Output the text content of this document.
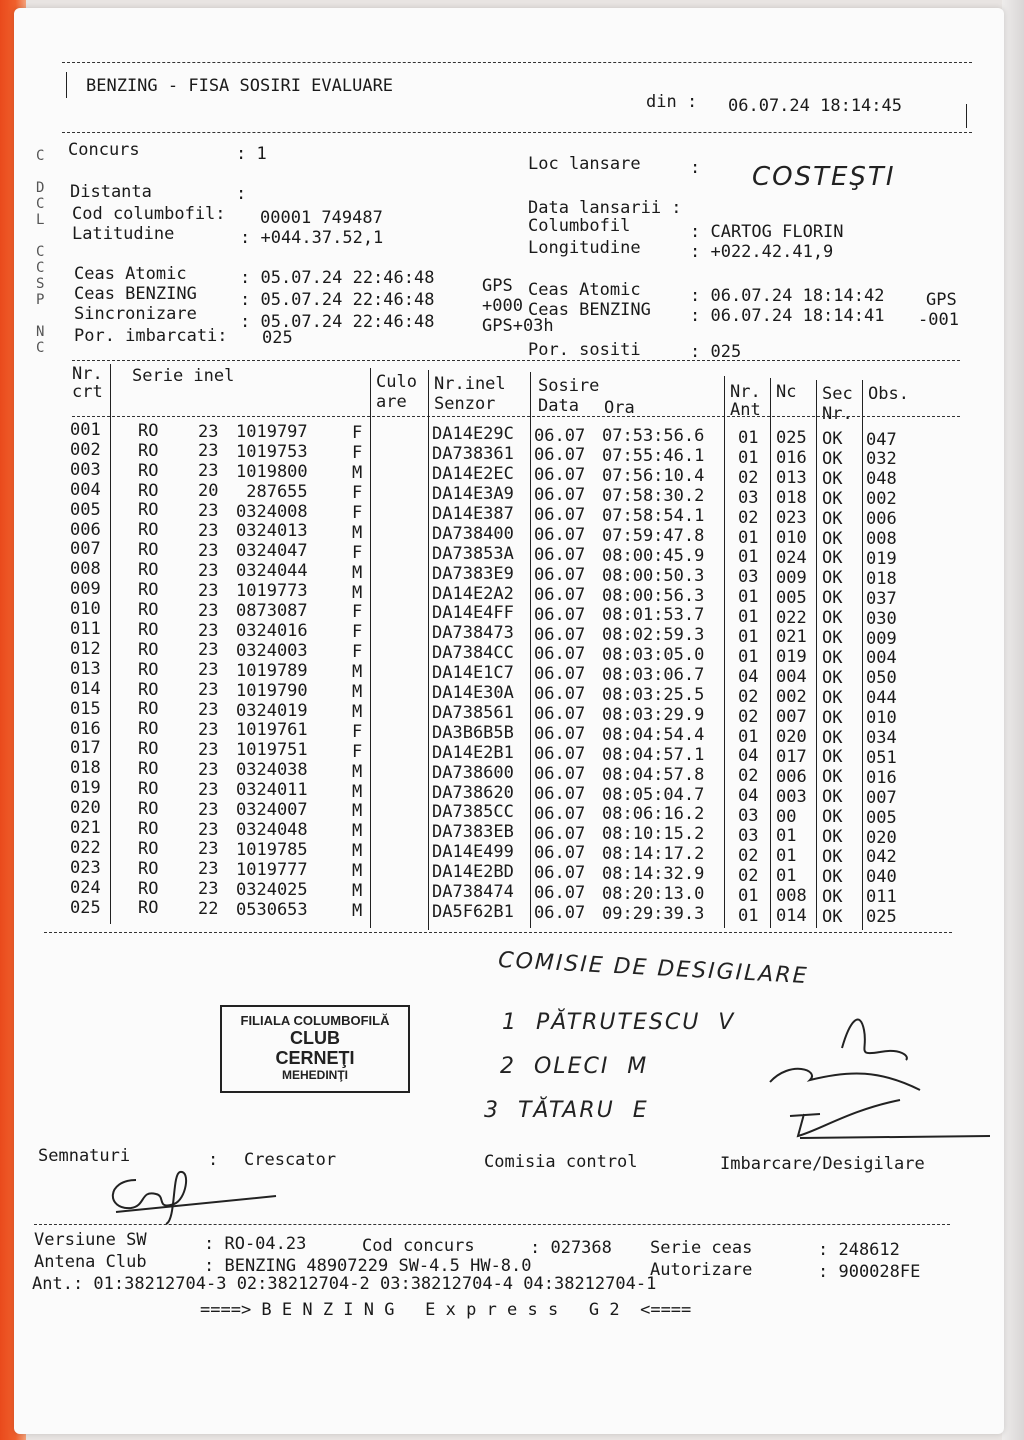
BENZING - FISA SOSIRI EVALUARE
din : 06.07.24 18:14:45
Concurs	: 1
Distanta	:
Cod columbofil: 00001 749487
Latitudine	: +044.37.52,1
Loc lansare	: COSTEŞTI
Data lansarii :
Columbofil	: CARTOG FLORIN
Longitudine	: +022.42.41,9
Ceas Atomic	: 05.07.24 22:46:48	GPS
Ceas BENZING	: 05.07.24 22:46:48	+000
Sincronizare	: 05.07.24 22:46:48	GPS+03h
Por. imbarcati: 025
Ceas Atomic	: 06.07.24 18:14:42 GPS
Ceas BENZING : 06.07.24 18:14:41 -001
Por. sositi	: 025
C

D
C
L

C
C
S
P

N
C
Nr.
crt
Serie inel	Culo
are
Nr.inel
Senzor
Sosire
Data Ora
Nr.
Ant
Nc Sec
Nr.
Obs.
001 RO 23 1019797	F	DA14E29C 06.07 07:53:56.6 01 025 OK 047
002 RO 23 1019753	F	DA738361 06.07 07:55:46.1 01 016 OK 032
003 RO 23 1019800	M	DA14E2EC 06.07 07:56:10.4 02 013 OK 048
004 RO 20 287655	F	DA14E3A9 06.07 07:58:30.2 03 018 OK 002
005 RO 23 0324008	F	DA14E387 06.07 07:58:54.1 02 023 OK 006
006 RO 23 0324013	M	DA738400 06.07 07:59:47.8 01 010 OK 008
007 RO 23 0324047	F	DA73853A 06.07 08:00:45.9 01 024 OK 019
008 RO 23 0324044	M	DA7383E9 06.07 08:00:50.3 03 009 OK 018
009 RO 23 1019773	M	DA14E2A2 06.07 08:00:56.3 01 005 OK 037
010 RO 23 0873087	F	DA14E4FF 06.07 08:01:53.7 01 022 OK 030
011 RO 23 0324016	F	DA738473 06.07 08:02:59.3 01 021 OK 009
012 RO 23 0324003	F	DA7384CC 06.07 08:03:05.0 01 019 OK 004
013 RO 23 1019789	M	DA14E1C7 06.07 08:03:06.7 04 004 OK 050
014 RO 23 1019790	M	DA14E30A 06.07 08:03:25.5 02 002 OK 044
015 RO 23 0324019	M	DA738561 06.07 08:03:29.9 02 007 OK 010
016 RO 23 1019761	F	DA3B6B5B 06.07 08:04:54.4 01 020 OK 034
017 RO 23 1019751	F	DA14E2B1 06.07 08:04:57.1 04 017 OK 051
018 RO 23 0324038	M	DA738600 06.07 08:04:57.8 02 006 OK 016
019 RO 23 0324011	M	DA738620 06.07 08:05:04.7 04 003 OK 007
020 RO 23 0324007	M	DA7385CC 06.07 08:06:16.2 03 00 OK 005
021 RO 23 0324048	M	DA7383EB 06.07 08:10:15.2 03 01 OK 020
022 RO 23 1019785	M	DA14E499 06.07 08:14:17.2 02 01 OK 042
023 RO 23 1019777	M	DA14E2BD 06.07 08:14:32.9 02 01 OK 040
024 RO 23 0324025	M	DA738474 06.07 08:20:13.0 01 008 OK 011
025 RO 22 0530653	M	DA5F62B1 06.07 09:29:39.3 01 014 OK 025
COMISIE DE DESIGILARE
1  PĂTRUTESCU  V
2  OLECI  M
3  TĂTARU  E
FILIALA COLUMBOFILĂ
CLUB
CERNEŢI
MEHEDINŢI
Semnaturi	: Crescator	Comisia control	Imbarcare/Desigilare
Versiune SW	: RO-04.23	Cod concurs	: 027368 Serie ceas	: 248612
Antena Club	: BENZING 48907229 SW-4.5 HW-8.0	Autorizare	: 900028FE
Ant.: 01:38212704-3 02:38212704-2 03:38212704-4 04:38212704-1
====> B E N Z I N G   E x p r e s s   G 2  <====
